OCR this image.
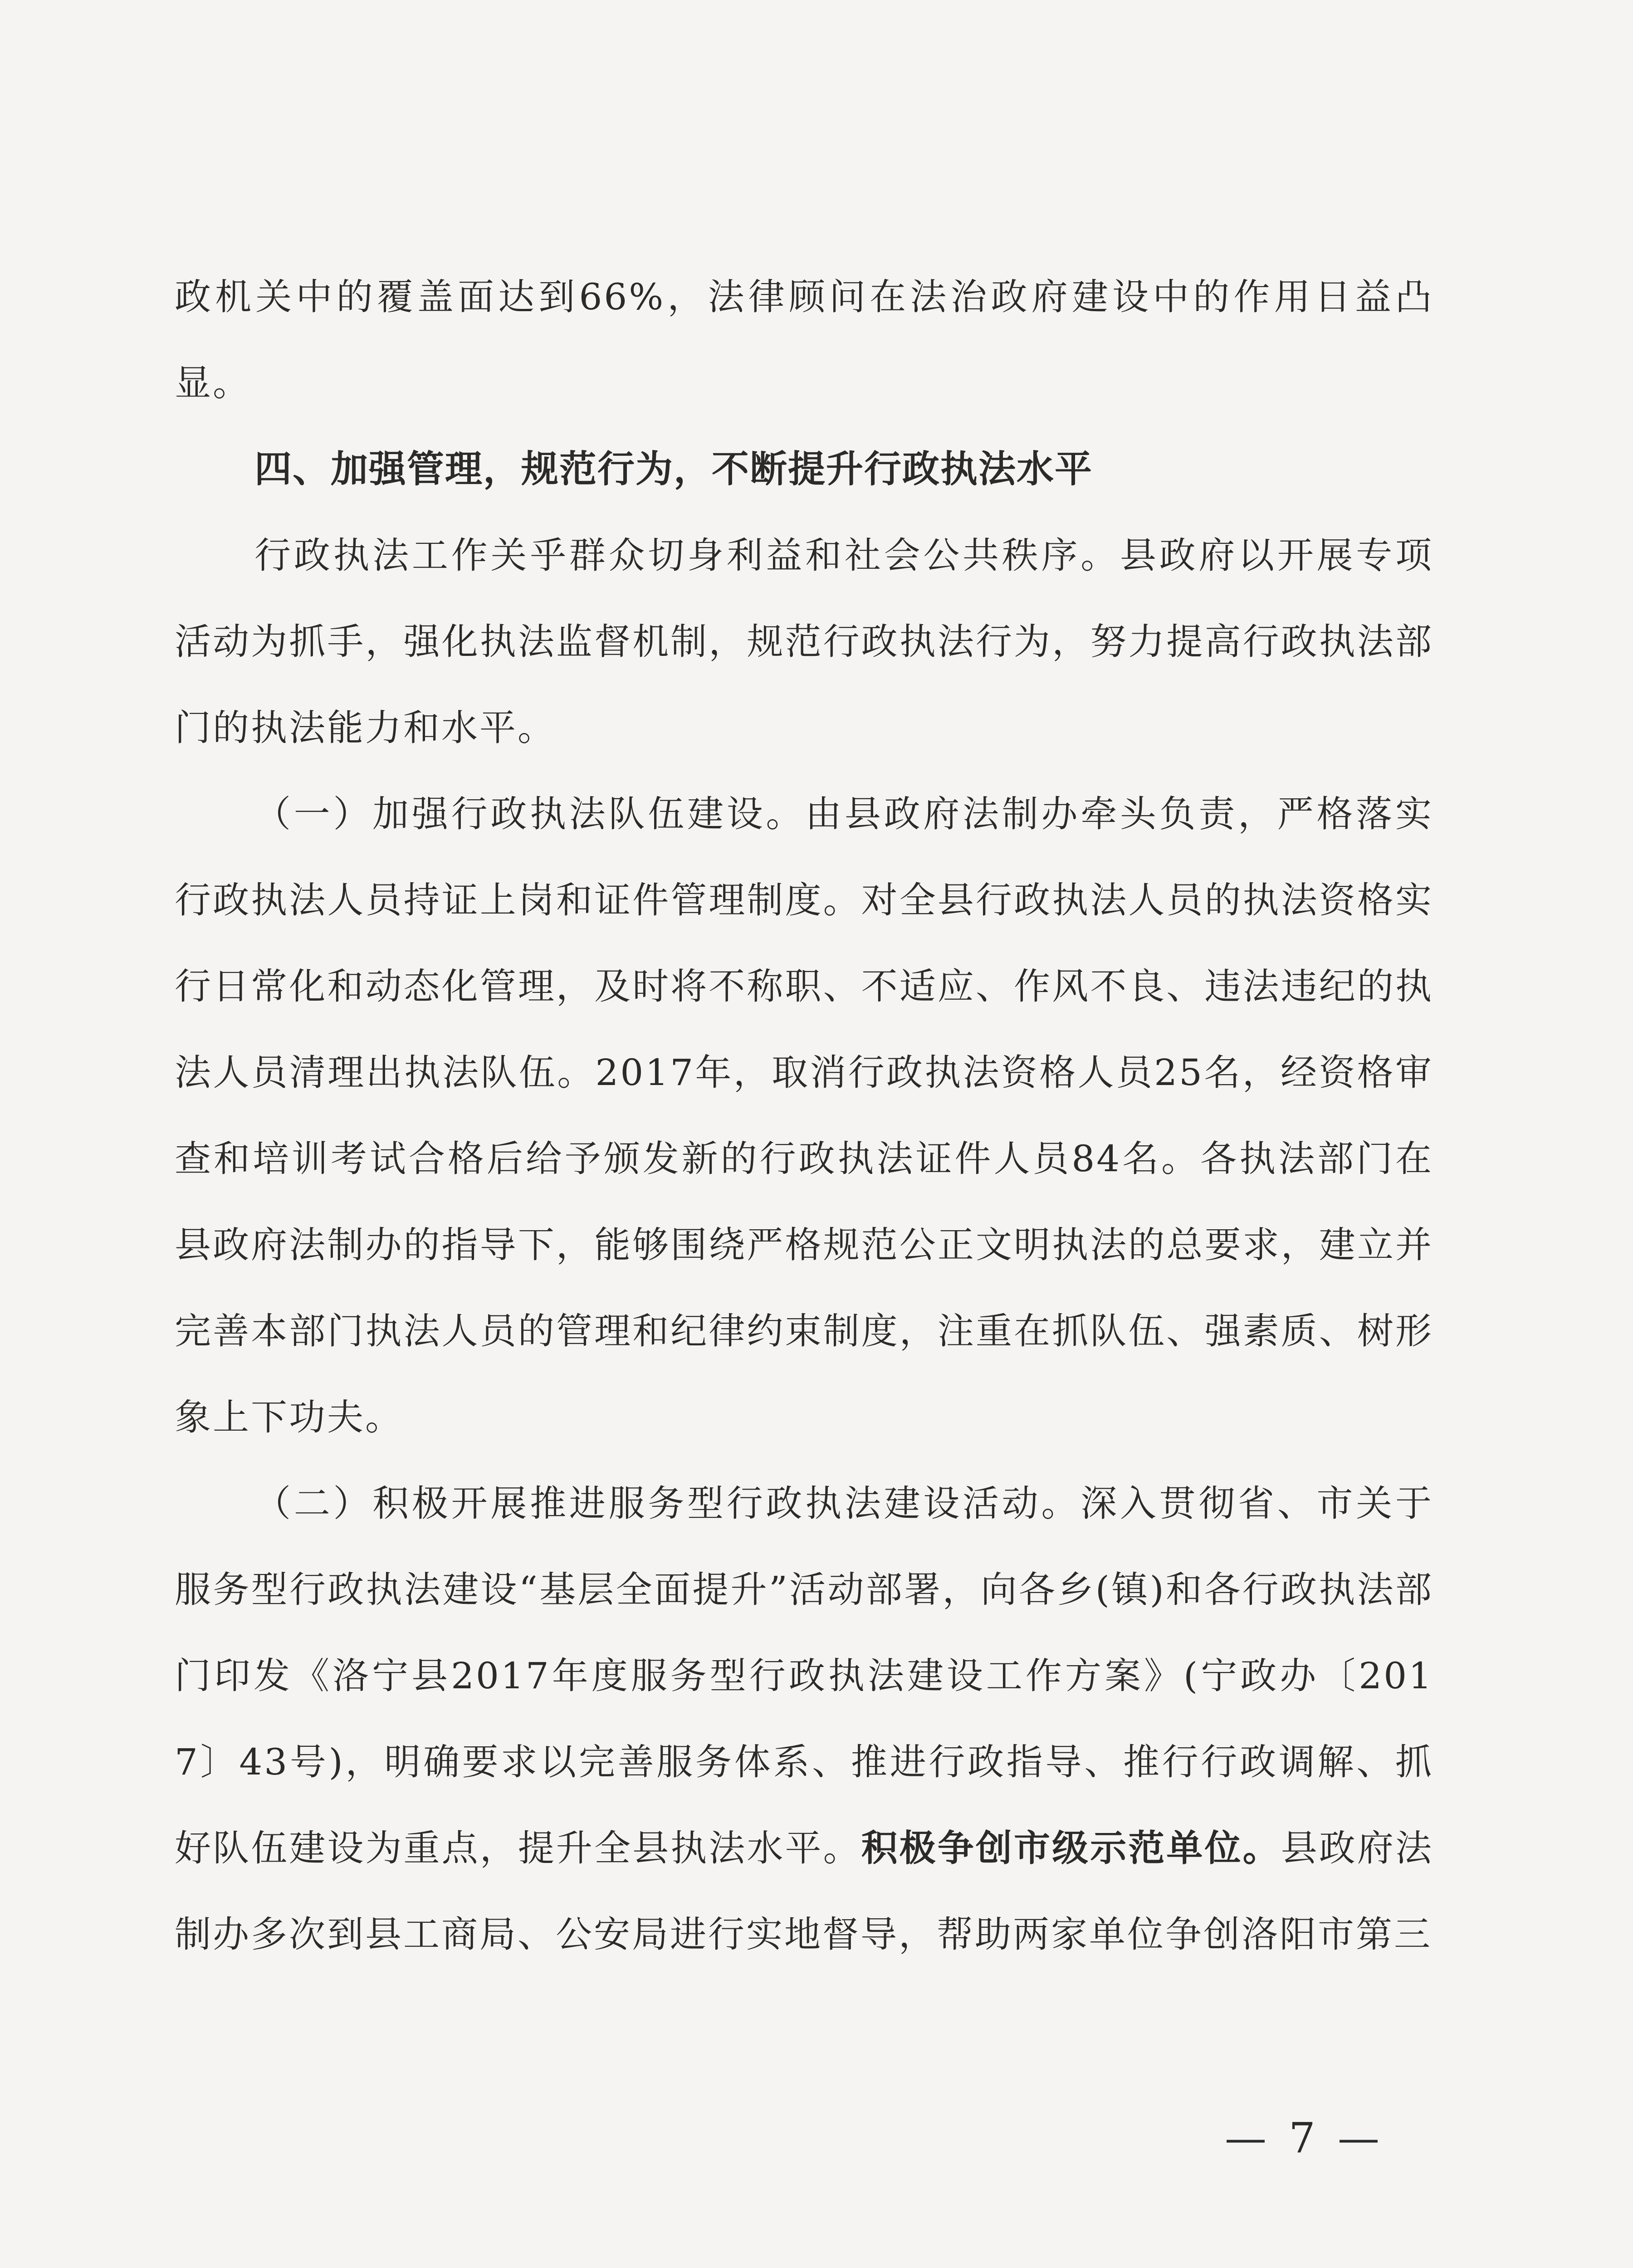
政机关中的覆盖面达到66%，法律顾问在法治政府建设中的作用日益凸显。

四、加强管理，规范行为，不断提升行政执法水平

行政执法工作关乎群众切身利益和社会公共秩序。县政府以开展专项活动为抓手，强化执法监督机制，规范行政执法行为，努力提高行政执法部门的执法能力和水平。

（一）加强行政执法队伍建设。由县政府法制办牵头负责，严格落实行政执法人员持证上岗和证件管理制度。对全县行政执法人员的执法资格实行日常化和动态化管理，及时将不称职、不适应、作风不良、违法违纪的执法人员清理出执法队伍。2017年，取消行政执法资格人员25名，经资格审查和培训考试合格后给予颁发新的行政执法证件人员84名。各执法部门在县政府法制办的指导下，能够围绕严格规范公正文明执法的总要求，建立并完善本部门执法人员的管理和纪律约束制度，注重在抓队伍、强素质、树形象上下功夫。

（二）积极开展推进服务型行政执法建设活动。深入贯彻省、市关于服务型行政执法建设“基层全面提升”活动部署，向各乡(镇)和各行政执法部门印发《洛宁县2017年度服务型行政执法建设工作方案》(宁政办〔2017〕43号)，明确要求以完善服务体系、推进行政指导、推行行政调解、抓好队伍建设为重点，提升全县执法水平。积极争创市级示范单位。县政府法制办多次到县工商局、公安局进行实地督导，帮助两家单位争创洛阳市第三

— 7 —
